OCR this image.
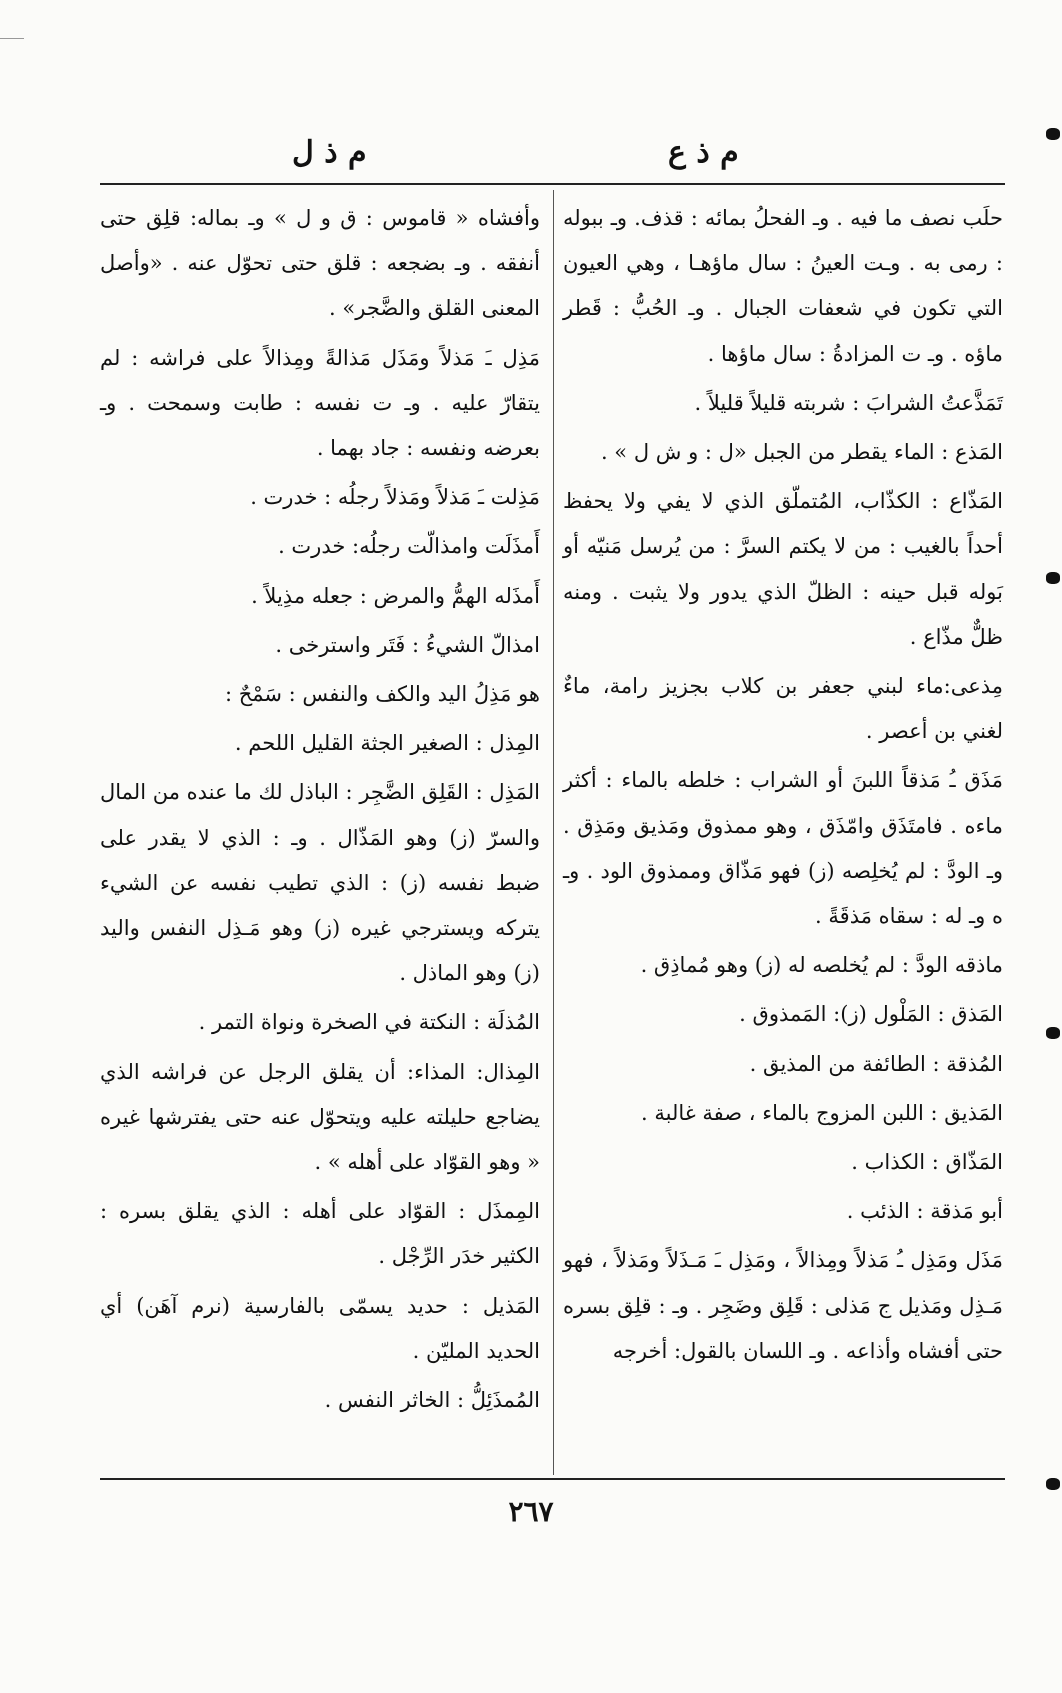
م ذ ل	م ذ ع

حلَب نصف ما فيه . وـ الفحلُ بمائه : قذف. وـ ببوله : رمى به . وـت العينُ : سال ماؤهـا ، وهي العيون التي تكون في شعفات الجبال . وـ الحُبُّ : قَطر ماؤه . وـ ت المزادةُ : سال ماؤها .

تَمَذَّعتُ الشرابَ : شربته قليلاً قليلاً .

المَذع : الماء يقطر من الجبل «ل : و ش ل » .

المَذّاع : الكذّاب، المُتملّق الذي لا يفي ولا يحفظ أحداً بالغيب : من لا يكتم السرَّ : من يُرسل مَنيّه أو بَوله قبل حينه : الظلّ الذي يدور ولا يثبت . ومنه ظلٌّ مذّاع .

مِذعى:ماء لبني جعفر بن كلاب بجزيز رامة، ماءٌ لغني بن أعصر .

مَذَق ـُ مَذقاً اللبنَ أو الشراب : خلطه بالماء : أكثر ماءه . فامتَذَق وامّذَق ، وهو ممذوق ومَذيق ومَذِق . وـ الودَّ : لم يُخلِصه (ز) فهو مَذّاق وممذوق الود . وـ ه وـ له : سقاه مَذقَةً .

ماذقه الودَّ : لم يُخلصه له (ز) وهو مُماذِق .

المَذق : المَلْول (ز): المَمذوق .

المُذقة : الطائفة من المذيق .

المَذيق : اللبن المزوج بالماء ، صفة غالبة .

المَذّاق : الكذاب .

أبو مَذقة : الذئب .

مَذَل ومَذِل ـُ مَذلاً ومِذالاً ، ومَذِل ـَ مَـذَلاً ومَذلاً ، فهو مَـذِل ومَذيل ج مَذلى : قَلِق وضَجِر . وـ : قلِق بسره حتى أفشاه وأذاعه . وـ اللسان بالقول: أخرجه

وأفشاه « قاموس : ق و ل » وـ بماله: قلِق حتى أنفقه . وـ بضجعه : قلق حتى تحوّل عنه . «وأصل المعنى القلق والضَّجر» .

مَذِل ـَ مَذلاً ومَذَل مَذالةً ومِذالاً على فراشه : لم يتقارّ عليه . وـ ت نفسه : طابت وسمحت . وـ بعرضه ونفسه : جاد بهما .

مَذِلت ـَ مَذلاً ومَذلاً رجلُه : خدرت .

أَمذَلَت وامذالّت رجلُه: خدرت .

أَمذَله الهمُّ والمرض : جعله مذِيلاً .

امذالّ الشيءُ : فَتَر واسترخى .

هو مَذِلُ اليد والكف والنفس : سَمْحٌ :

المِذل : الصغير الجثة القليل اللحم .

المَذِل : القَلِق الضَّجِر : الباذل لك ما عنده من المال والسرّ (ز) وهو المَذّال . وـ : الذي لا يقدر على ضبط نفسه (ز) : الذي تطيب نفسه عن الشيء يتركه ويسترجي غيره (ز) وهو مَـذِل النفس واليد (ز) وهو الماذل .

المُذلَة : النكتة في الصخرة ونواة التمر .

المِذال: المذاء: أن يقلق الرجل عن فراشه الذي يضاجع حليلته عليه ويتحوّل عنه حتى يفترشها غيره « وهو القوّاد على أهله » .

المِمذَل : القوّاد على أهله : الذي يقلق بسره : الكثير خدَر الرِّجْل .

المَذيل : حديد يسمّى بالفارسية (نرم آهَن) أي الحديد المليّن .

المُمذَئِلُّ : الخاثر النفس .

٢٦٧
